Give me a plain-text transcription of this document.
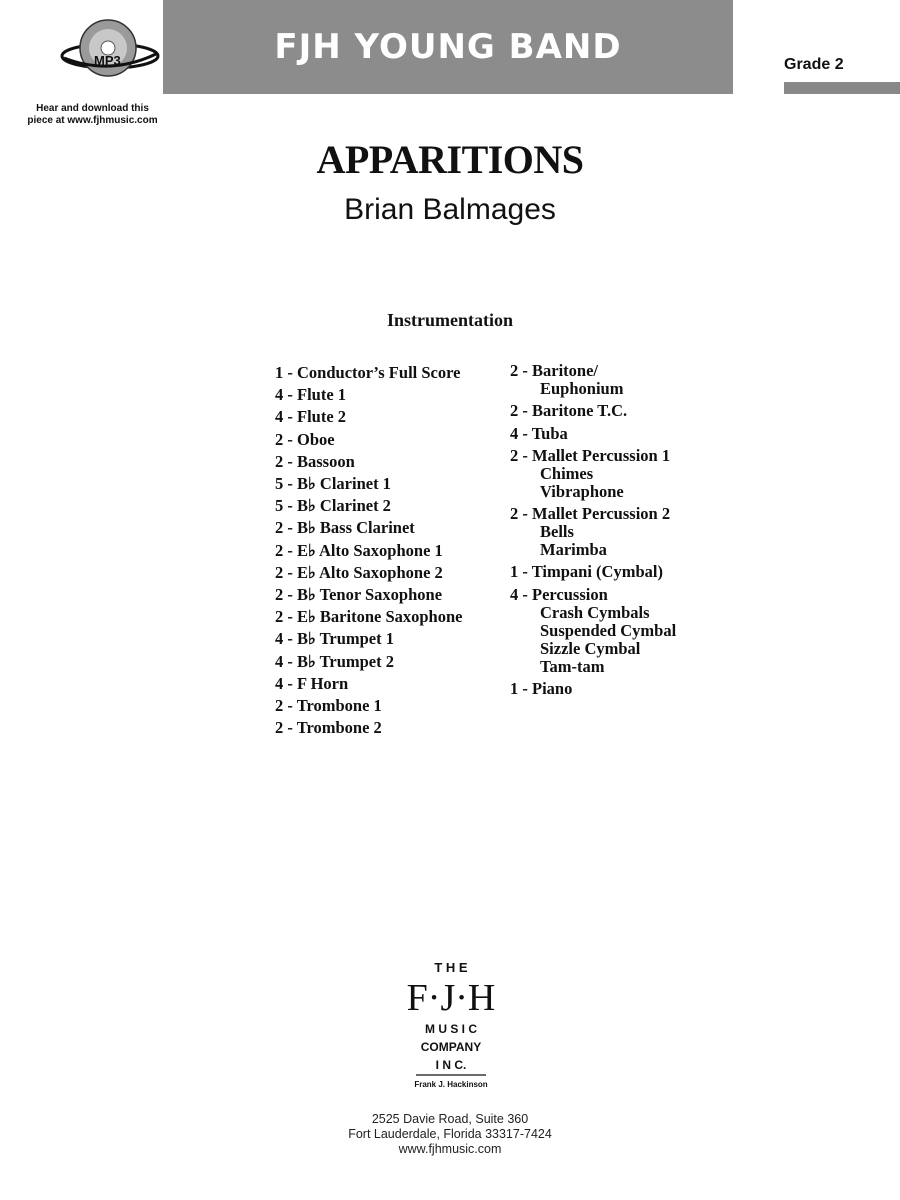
MP3
Hear and download this
piece at www.fjhmusic.com
FJH YOUNG BAND	Grade 2
APPARITIONS
Brian Balmages
Instrumentation
1 - Conductor’s Full Score
4 - Flute 1
4 - Flute 2
2 - Oboe
2 - Bassoon
5 - B♭ Clarinet 1
5 - B♭ Clarinet 2
2 - B♭ Bass Clarinet
2 - E♭ Alto Saxophone 1
2 - E♭ Alto Saxophone 2
2 - B♭ Tenor Saxophone
2 - E♭ Baritone Saxophone
4 - B♭ Trumpet 1
4 - B♭ Trumpet 2
4 - F Horn
2 - Trombone 1
2 - Trombone 2
2 - Baritone/
Euphonium
2 - Baritone T.C.
4 - Tuba
2 - Mallet Percussion 1
Chimes
Vibraphone
2 - Mallet Percussion 2
Bells
Marimba
1 - Timpani (Cymbal)
4 - Percussion
Crash Cymbals
Suspended Cymbal
Sizzle Cymbal
Tam-tam
1 - Piano
T H E
F·J·H
M U S I C
COMPANY
I N C.
Frank J. Hackinson
2525 Davie Road, Suite 360
Fort Lauderdale, Florida 33317-7424
www.fjhmusic.com
